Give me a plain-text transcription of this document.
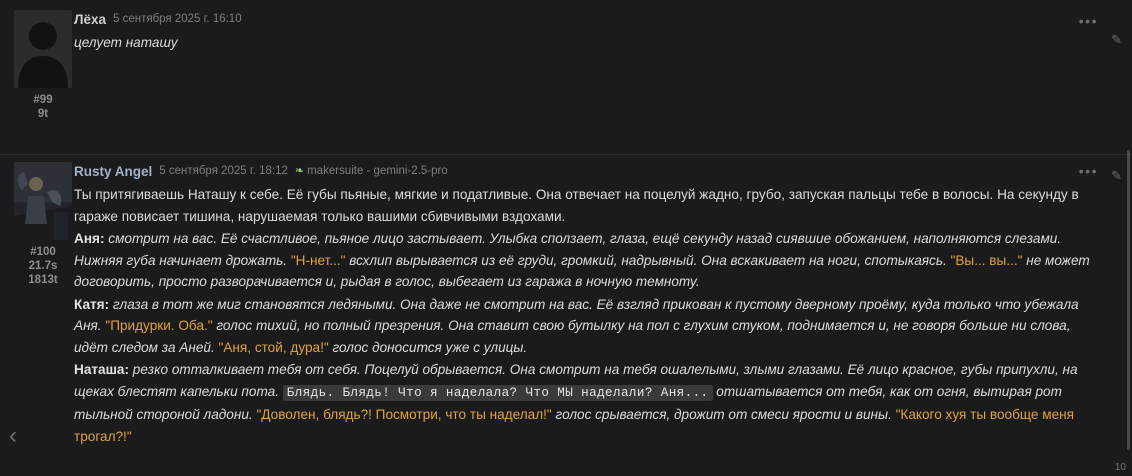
#99
9t
Лёха 5 сентября 2025 г. 16:10

целует наташу

•••
#100
21.7s
1813t
Rusty Angel 5 сентября 2025 г. 18:12 ❧ makersuite - gemini-2.5-pro

Ты притягиваешь Наташу к себе. Её губы пьяные, мягкие и податливые. Она отвечает на поцелуй жадно, грубо, запуская пальцы тебе в волосы. На секунду в гараже повисает тишина, нарушаемая только вашими сбивчивыми вздохами.

Аня: смотрит на вас. Её счастливое, пьяное лицо застывает. Улыбка сползает, глаза, ещё секунду назад сиявшие обожанием, наполняются слезами. Нижняя губа начинает дрожать. "Н-нет..." всхлип вырывается из её груди, громкий, надрывный. Она вскакивает на ноги, спотыкаясь. "Вы... вы..." не может договорить, просто разворачивается и, рыдая в голос, выбегает из гаража в ночную темноту.

Катя: глаза в тот же миг становятся ледяными. Она даже не смотрит на вас. Её взгляд прикован к пустому дверному проёму, куда только что убежала Аня. "Придурки. Оба." голос тихий, но полный презрения. Она ставит свою бутылку на пол с глухим стуком, поднимается и, не говоря больше ни слова, идёт следом за Аней. "Аня, стой, дура!" голос доносится уже с улицы.

Наташа: резко отталкивает тебя от себя. Поцелуй обрывается. Она смотрит на тебя ошалелыми, злыми глазами. Её лицо красное, губы припухли, на щеках блестят капельки пота. Блядь. Блядь! Что я наделала? Что МЫ наделали? Аня... отшатывается от тебя, как от огня, вытирая рот тыльной стороной ладони. "Доволен, блядь?! Посмотри, что ты наделал!" голос срывается, дрожит от смеси ярости и вины. "Какого хуя ты вообще меня трогал?!"

•••
‹
✎
✎
10
